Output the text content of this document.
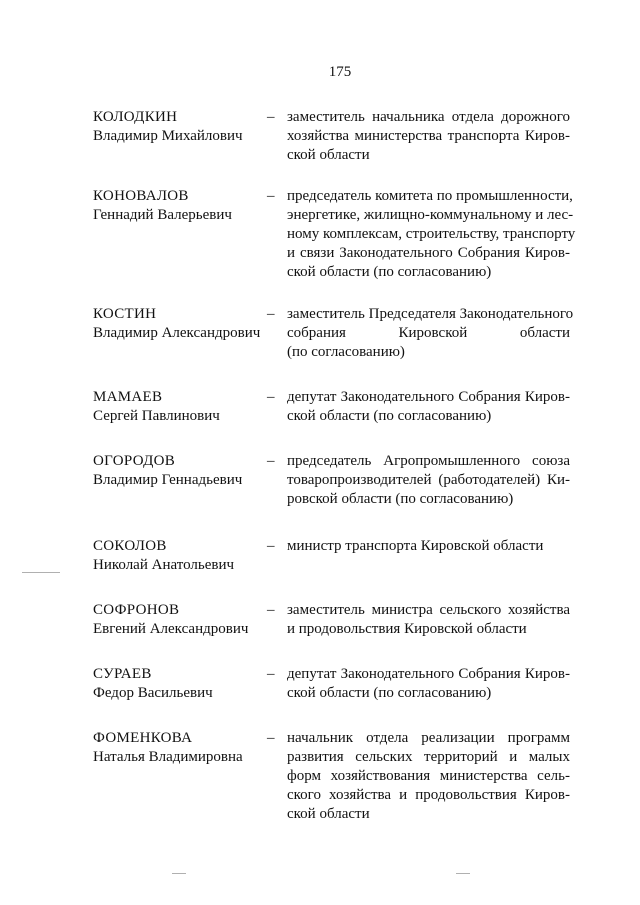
175
КОЛОДКИН
Владимир Михайлович
– заместитель начальника отдела дорожного
хозяйства министерства транспорта Киров-
ской области
КОНОВАЛОВ
Геннадий Валерьевич
– председатель комитета по промышленности,
энергетике, жилищно-коммунальному и лес-
ному комплексам, строительству, транспорту
и связи Законодательного Собрания Киров-
ской области (по согласованию)
КОСТИН
Владимир Александрович
– заместитель Председателя Законодательного
собрания Кировской области
(по согласованию)
МАМАЕВ
Сергей Павлинович
– депутат Законодательного Собрания Киров-
ской области (по согласованию)
ОГОРОДОВ
Владимир Геннадьевич
– председатель Агропромышленного союза
товаропроизводителей (работодателей) Ки-
ровской области (по согласованию)
СОКОЛОВ
Николай Анатольевич
– министр транспорта Кировской области
СОФРОНОВ
Евгений Александрович
– заместитель министра сельского хозяйства
и продовольствия Кировской области
СУРАЕВ
Федор Васильевич
– депутат Законодательного Собрания Киров-
ской области (по согласованию)
ФОМЕНКОВА
Наталья Владимировна
– начальник отдела реализации программ
развития сельских территорий и малых
форм хозяйствования министерства сель-
ского хозяйства и продовольствия Киров-
ской области
